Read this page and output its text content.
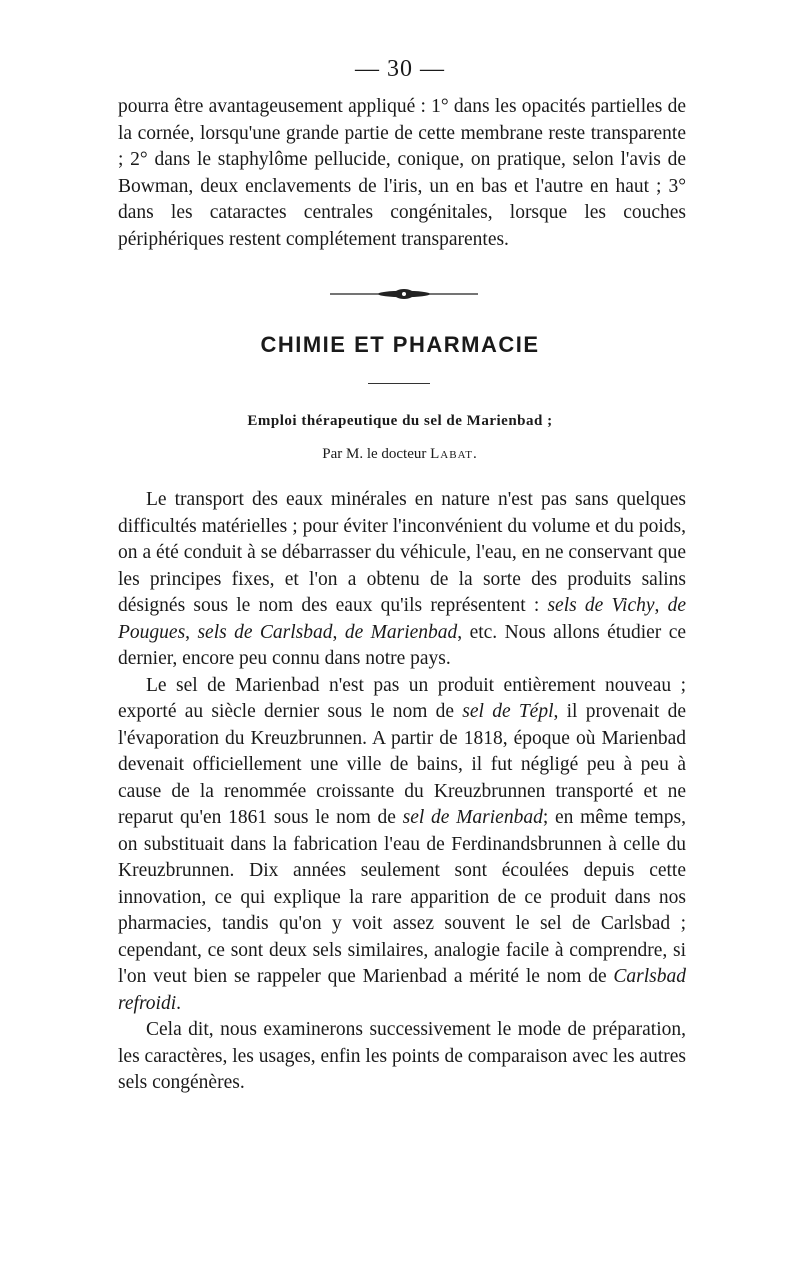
— 30 —

pourra être avantageusement appliqué : 1° dans les opacités partielles de la cornée, lorsqu'une grande partie de cette membrane reste transparente ; 2° dans le staphylôme pellucide, conique, on pratique, selon l'avis de Bowman, deux enclavements de l'iris, un en bas et l'autre en haut ; 3° dans les cataractes centrales congénitales, lorsque les couches périphériques restent complétement transparentes.

CHIMIE ET PHARMACIE
Emploi thérapeutique du sel de Marienbad ;
Par M. le docteur Labat.

Le transport des eaux minérales en nature n'est pas sans quelques difficultés matérielles ; pour éviter l'inconvénient du volume et du poids, on a été conduit à se débarrasser du véhicule, l'eau, en ne conservant que les principes fixes, et l'on a obtenu de la sorte des produits salins désignés sous le nom des eaux qu'ils représentent : sels de Vichy, de Pougues, sels de Carlsbad, de Marienbad, etc. Nous allons étudier ce dernier, encore peu connu dans notre pays.

Le sel de Marienbad n'est pas un produit entièrement nouveau ; exporté au siècle dernier sous le nom de sel de Tépl, il provenait de l'évaporation du Kreuzbrunnen. A partir de 1818, époque où Marienbad devenait officiellement une ville de bains, il fut négligé peu à peu à cause de la renommée croissante du Kreuzbrunnen transporté et ne reparut qu'en 1861 sous le nom de sel de Marienbad; en même temps, on substituait dans la fabrication l'eau de Ferdinandsbrunnen à celle du Kreuzbrunnen. Dix années seulement sont écoulées depuis cette innovation, ce qui explique la rare apparition de ce produit dans nos pharmacies, tandis qu'on y voit assez souvent le sel de Carlsbad ; cependant, ce sont deux sels similaires, analogie facile à comprendre, si l'on veut bien se rappeler que Marienbad a mérité le nom de Carlsbad refroidi.

Cela dit, nous examinerons successivement le mode de préparation, les caractères, les usages, enfin les points de comparaison avec les autres sels congénères.
